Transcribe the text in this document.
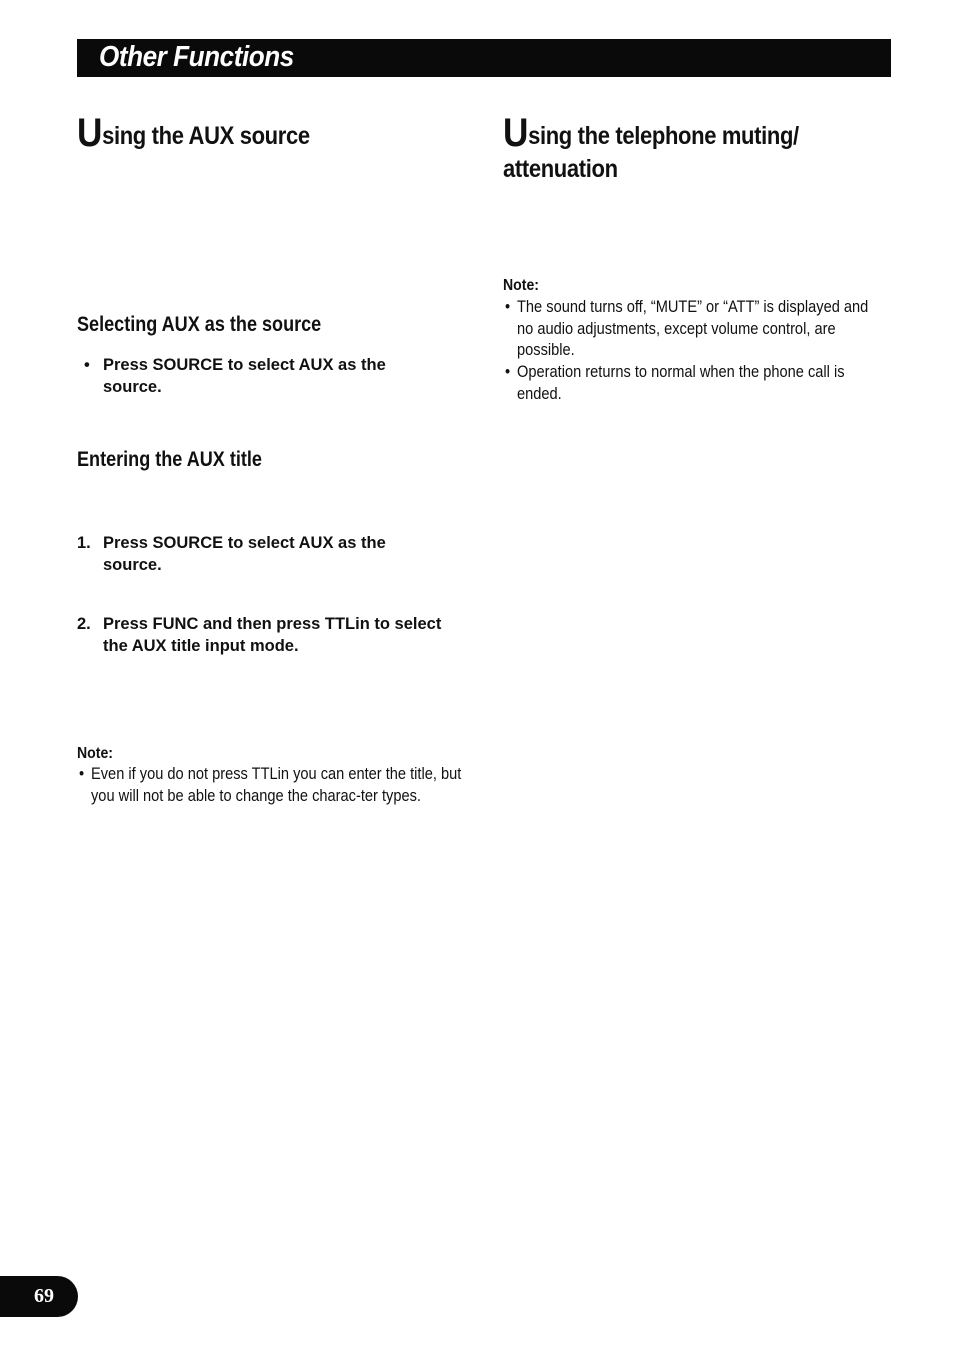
Other Functions
Using the AUX source
Selecting AUX as the source
• Press SOURCE to select AUX as the source.
Entering the AUX title
1. Press SOURCE to select AUX as the source.
2. Press FUNC and then press TTLin to select the AUX title input mode.
Note:
• Even if you do not press TTLin you can enter the title, but you will not be able to change the charac-ter types.
Using the telephone muting/
attenuation
Note:
• The sound turns off, “MUTE” or “ATT” is displayed and no audio adjustments, except volume control, are possible.
• Operation returns to normal when the phone call is ended.
69
